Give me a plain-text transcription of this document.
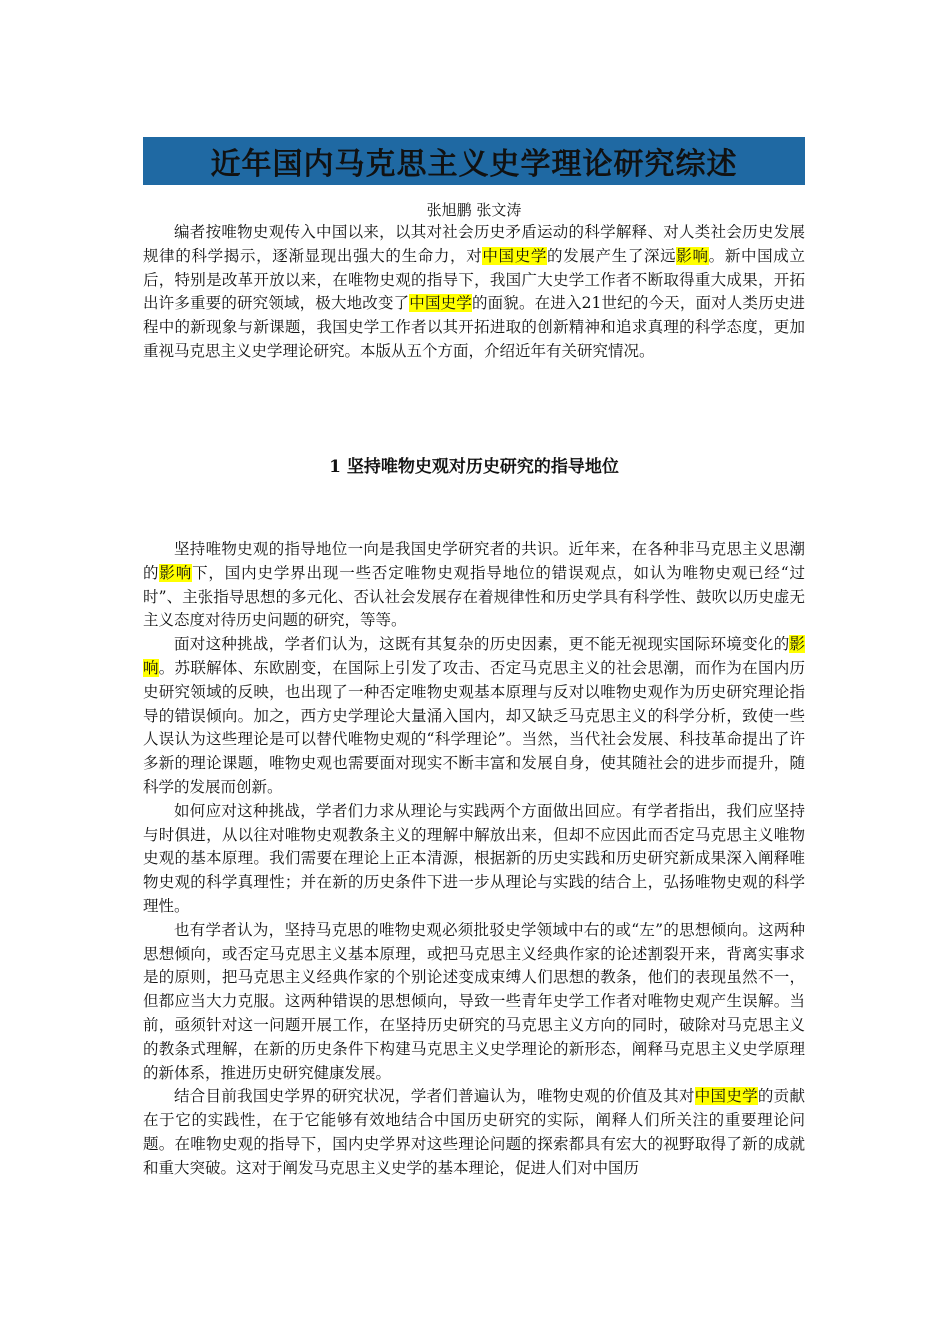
近年国内马克思主义史学理论研究综述
张旭鹏 张文涛

编者按唯物史观传入中国以来，以其对社会历史矛盾运动的科学解释、对人类社会历史发展规律的科学揭示，逐渐显现出强大的生命力，对中国史学的发展产生了深远影响。新中国成立后，特别是改革开放以来，在唯物史观的指导下，我国广大史学工作者不断取得重大成果，开拓出许多重要的研究领域，极大地改变了中国史学的面貌。在进入21世纪的今天，面对人类历史进程中的新现象与新课题，我国史学工作者以其开拓进取的创新精神和追求真理的科学态度，更加重视马克思主义史学理论研究。本版从五个方面，介绍近年有关研究情况。

1 坚持唯物史观对历史研究的指导地位

坚持唯物史观的指导地位一向是我国史学研究者的共识。近年来，在各种非马克思主义思潮的影响下，国内史学界出现一些否定唯物史观指导地位的错误观点，如认为唯物史观已经“过时”、主张指导思想的多元化、否认社会发展存在着规律性和历史学具有科学性、鼓吹以历史虚无主义态度对待历史问题的研究，等等。

面对这种挑战，学者们认为，这既有其复杂的历史因素，更不能无视现实国际环境变化的影响。苏联解体、东欧剧变，在国际上引发了攻击、否定马克思主义的社会思潮，而作为在国内历史研究领域的反映，也出现了一种否定唯物史观基本原理与反对以唯物史观作为历史研究理论指导的错误倾向。加之，西方史学理论大量涌入国内，却又缺乏马克思主义的科学分析，致使一些人误认为这些理论是可以替代唯物史观的“科学理论”。当然，当代社会发展、科技革命提出了许多新的理论课题，唯物史观也需要面对现实不断丰富和发展自身，使其随社会的进步而提升，随科学的发展而创新。

如何应对这种挑战，学者们力求从理论与实践两个方面做出回应。有学者指出，我们应坚持与时俱进，从以往对唯物史观教条主义的理解中解放出来，但却不应因此而否定马克思主义唯物史观的基本原理。我们需要在理论上正本清源，根据新的历史实践和历史研究新成果深入阐释唯物史观的科学真理性；并在新的历史条件下进一步从理论与实践的结合上，弘扬唯物史观的科学理性。

也有学者认为，坚持马克思的唯物史观必须批驳史学领域中右的或“左”的思想倾向。这两种思想倾向，或否定马克思主义基本原理，或把马克思主义经典作家的论述割裂开来，背离实事求是的原则，把马克思主义经典作家的个别论述变成束缚人们思想的教条，他们的表现虽然不一，但都应当大力克服。这两种错误的思想倾向，导致一些青年史学工作者对唯物史观产生误解。当前，亟须针对这一问题开展工作，在坚持历史研究的马克思主义方向的同时，破除对马克思主义的教条式理解，在新的历史条件下构建马克思主义史学理论的新形态，阐释马克思主义史学原理的新体系，推进历史研究健康发展。

结合目前我国史学界的研究状况，学者们普遍认为，唯物史观的价值及其对中国史学的贡献在于它的实践性，在于它能够有效地结合中国历史研究的实际，阐释人们所关注的重要理论问题。在唯物史观的指导下，国内史学界对这些理论问题的探索都具有宏大的视野取得了新的成就和重大突破。这对于阐发马克思主义史学的基本理论，促进人们对中国历
